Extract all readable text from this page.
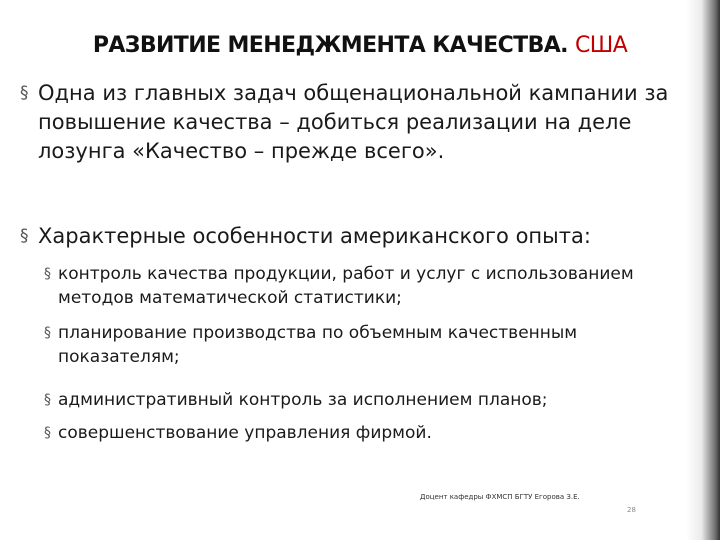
РАЗВИТИЕ МЕНЕДЖМЕНТА КАЧЕСТВА. США
§ Одна из главных задач общенациональной кампании за повышение качества – добиться реализации на деле лозунга «Качество – прежде всего».
§ Характерные особенности американского опыта:
§ контроль качества продукции, работ и услуг с использованием методов математической статистики;
§ планирование производства по объемным качественным показателям;
§ административный контроль за исполнением планов;
§ совершенствование управления фирмой.
Доцент кафедры ФХМСП БГТУ Егорова З.Е.
28
